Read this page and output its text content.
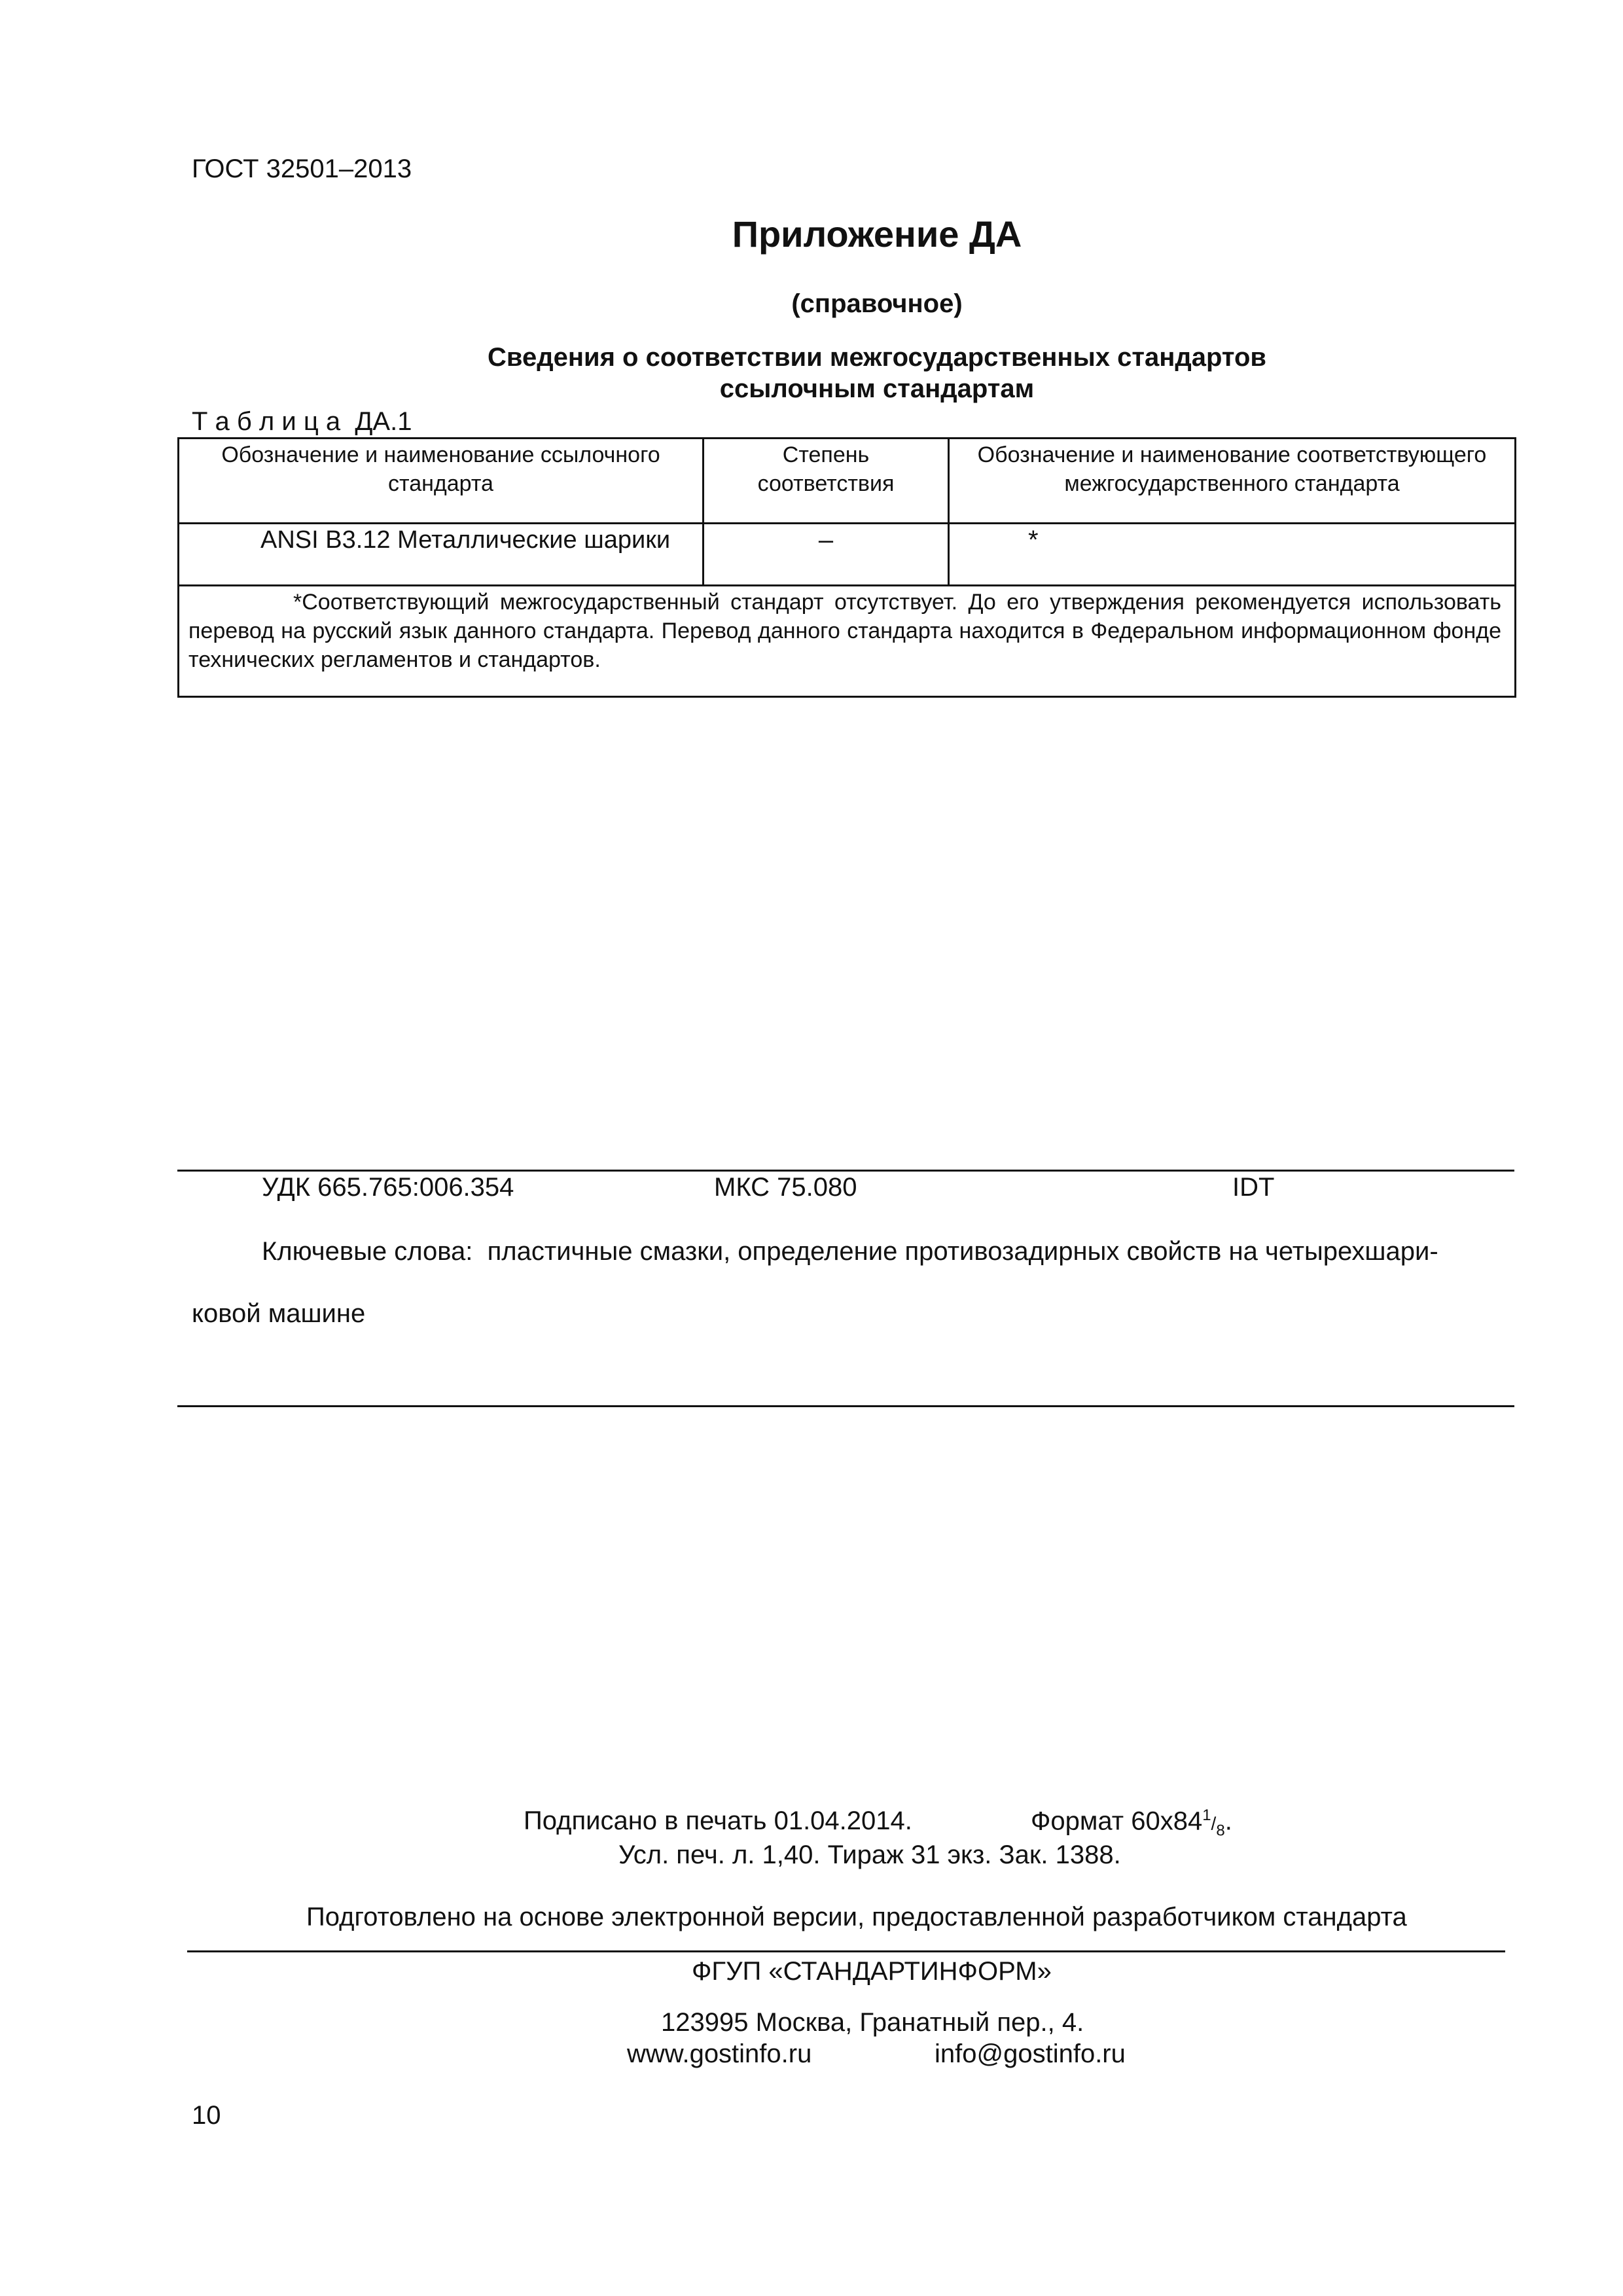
ГОСТ 32501–2013
Приложение ДА
(справочное)
Сведения о соответствии межгосударственных стандартов
ссылочным стандартам
Т а б л и ц а  ДА.1
Обозначение и наименование ссылочного стандарта	Степень соответствия	Обозначение и наименование соответствующего межгосударственного стандарта
ANSI B3.12 Металлические шарики	–	*
*Соответствующий межгосударственный стандарт отсутствует. До его утверждения рекомендуется использовать перевод на русский язык данного стандарта. Перевод данного стандарта находится в Федеральном информационном фонде технических регламентов и стандартов.		
УДК 665.765:006.354	МКС 75.080	IDT
Ключевые слова: пластичные смазки, определение противозадирных свойств на четырехшари-
ковой машине
Подписано в печать 01.04.2014.	Формат $60x84^1/_8$.
Усл. печ. л. 1,40. Тираж 31 экз. Зак. 1388.
Подготовлено на основе электронной версии, предоставленной разработчиком стандарта
ФГУП «СТАНДАРТИНФОРМ»
123995 Москва, Гранатный пер., 4.
www.gostinfo.ru	info@gostinfo.ru
10
